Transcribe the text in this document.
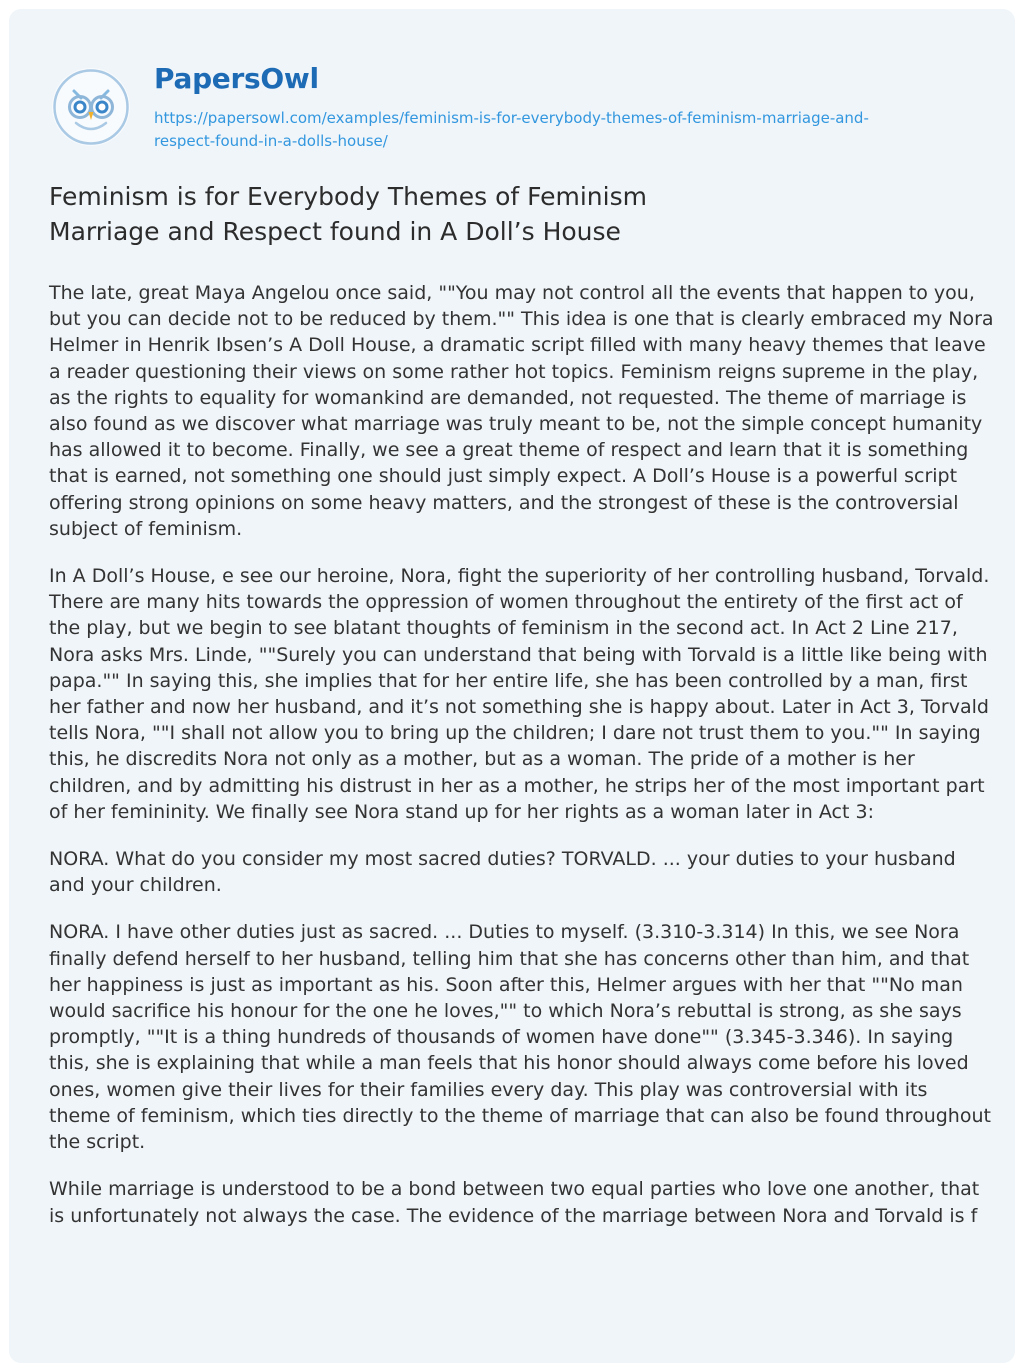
PapersOwl
https://papersowl.com/examples/feminism-is-for-everybody-themes-of-feminism-marriage-and-respect-found-in-a-dolls-house/
Feminism is for Everybody Themes of Feminism Marriage and Respect found in A Doll’s House

The late, great Maya Angelou once said, ""You may not control all the events that happen to you, but you can decide not to be reduced by them."" This idea is one that is clearly embraced my Nora Helmer in Henrik Ibsen’s A Doll House, a dramatic script filled with many heavy themes that leave a reader questioning their views on some rather hot topics. Feminism reigns supreme in the play, as the rights to equality for womankind are demanded, not requested. The theme of marriage is also found as we discover what marriage was truly meant to be, not the simple concept humanity has allowed it to become. Finally, we see a great theme of respect and learn that it is something that is earned, not something one should just simply expect. A Doll’s House is a powerful script offering strong opinions on some heavy matters, and the strongest of these is the controversial subject of feminism.

In A Doll’s House, e see our heroine, Nora, fight the superiority of her controlling husband, Torvald. There are many hits towards the oppression of women throughout the entirety of the first act of the play, but we begin to see blatant thoughts of feminism in the second act. In Act 2 Line 217, Nora asks Mrs. Linde, ""Surely you can understand that being with Torvald is a little like being with papa."" In saying this, she implies that for her entire life, she has been controlled by a man, first her father and now her husband, and it’s not something she is happy about. Later in Act 3, Torvald tells Nora, ""I shall not allow you to bring up the children; I dare not trust them to you."" In saying this, he discredits Nora not only as a mother, but as a woman. The pride of a mother is her children, and by admitting his distrust in her as a mother, he strips her of the most important part of her femininity. We finally see Nora stand up for her rights as a woman later in Act 3:

NORA. What do you consider my most sacred duties? TORVALD. ... your duties to your husband and your children.

NORA. I have other duties just as sacred. ... Duties to myself. (3.310-3.314) In this, we see Nora finally defend herself to her husband, telling him that she has concerns other than him, and that her happiness is just as important as his. Soon after this, Helmer argues with her that ""No man would sacrifice his honour for the one he loves,"" to which Nora’s rebuttal is strong, as she says promptly, ""It is a thing hundreds of thousands of women have done"" (3.345-3.346). In saying this, she is explaining that while a man feels that his honor should always come before his loved ones, women give their lives for their families every day. This play was controversial with its theme of feminism, which ties directly to the theme of marriage that can also be found throughout the script.

While marriage is understood to be a bond between two equal parties who love one another, that is unfortunately not always the case. The evidence of the marriage between Nora and Torvald is f
